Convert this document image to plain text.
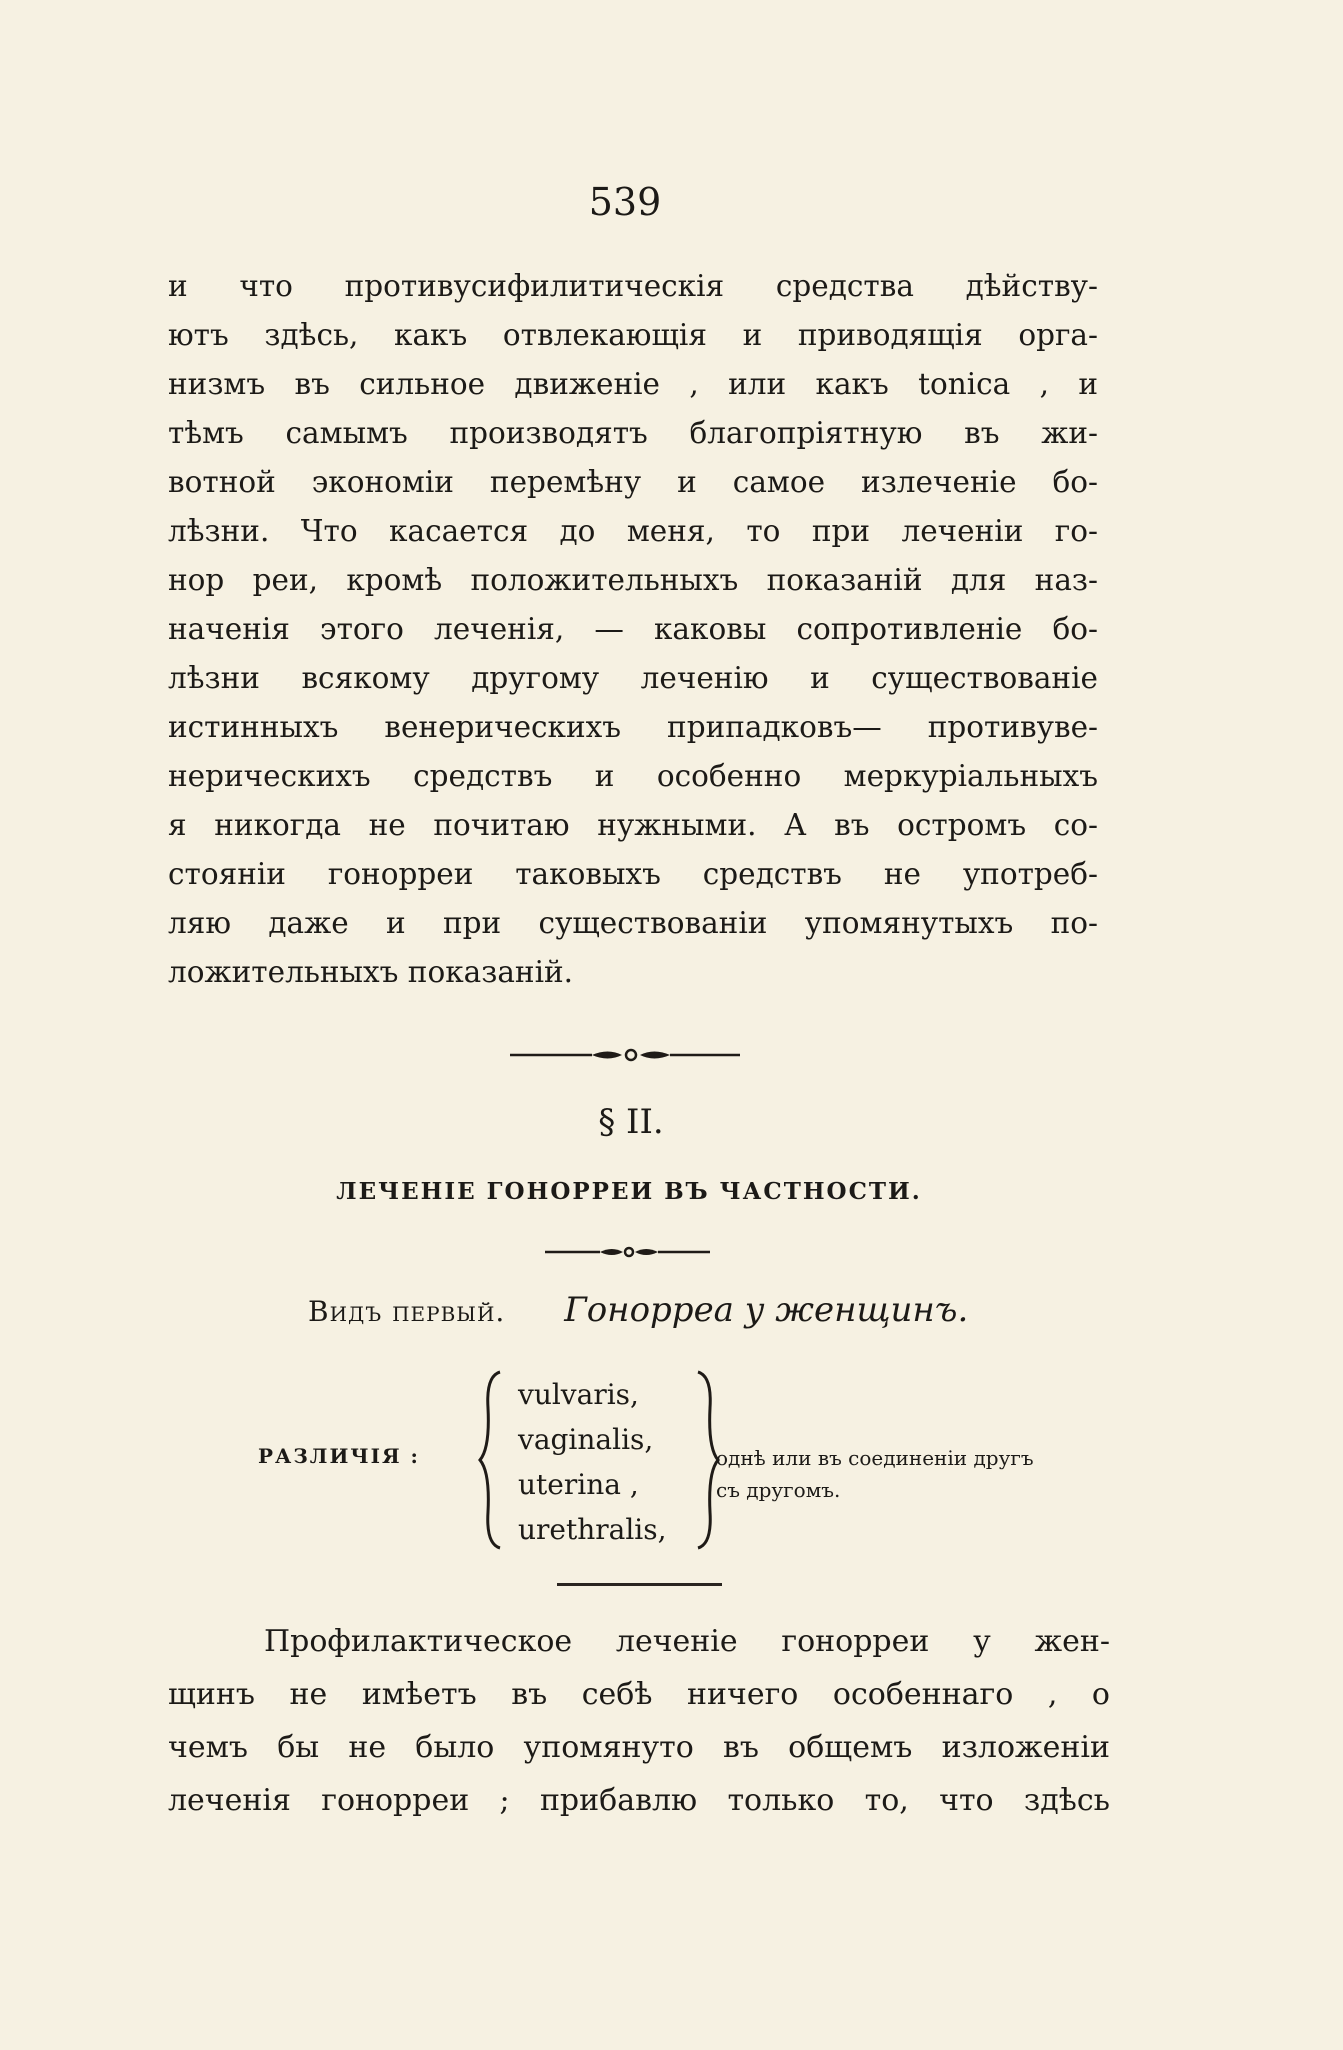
539
и что противусифилитическія средства дѣйству-
ютъ здѣсь, какъ отвлекающія и приводящія орга-
низмъ въ сильное движеніе , или какъ tonica , и
тѣмъ самымъ производятъ благопріятную въ жи-
вотной экономіи перемѣну и самое излеченіе бо-
лѣзни. Что касается до меня, то при леченіи го-
нор реи, кромѣ положительныхъ показаній для наз-
наченія этого леченія, — каковы сопротивленіе бо-
лѣзни всякому другому леченію и существованіе
истинныхъ венерическихъ припадковъ— противуве-
нерическихъ средствъ и особенно меркуріальныхъ
я никогда не почитаю нужными. А въ остромъ со-
стояніи гонорреи таковыхъ средствъ не употреб-
ляю даже и при существованіи упомянутыхъ по-
ложительныхъ показаній.
§ II.
ЛЕЧЕНІЕ ГОНОРРЕИ ВЪ ЧАСТНОСТИ.
Видъ первый. Гонорреа у женщинъ.
РАЗЛИЧІЯ :
vulvaris,
vaginalis,
uterina ,
urethralis,
однѣ или въ соединеніи другъ
съ другомъ.
Профилактическое леченіе гонорреи у жен-
щинъ не имѣетъ въ себѣ ничего особеннаго , о
чемъ бы не было упомянуто въ общемъ изложеніи
леченія гонорреи ; прибавлю только то, что здѣсь
